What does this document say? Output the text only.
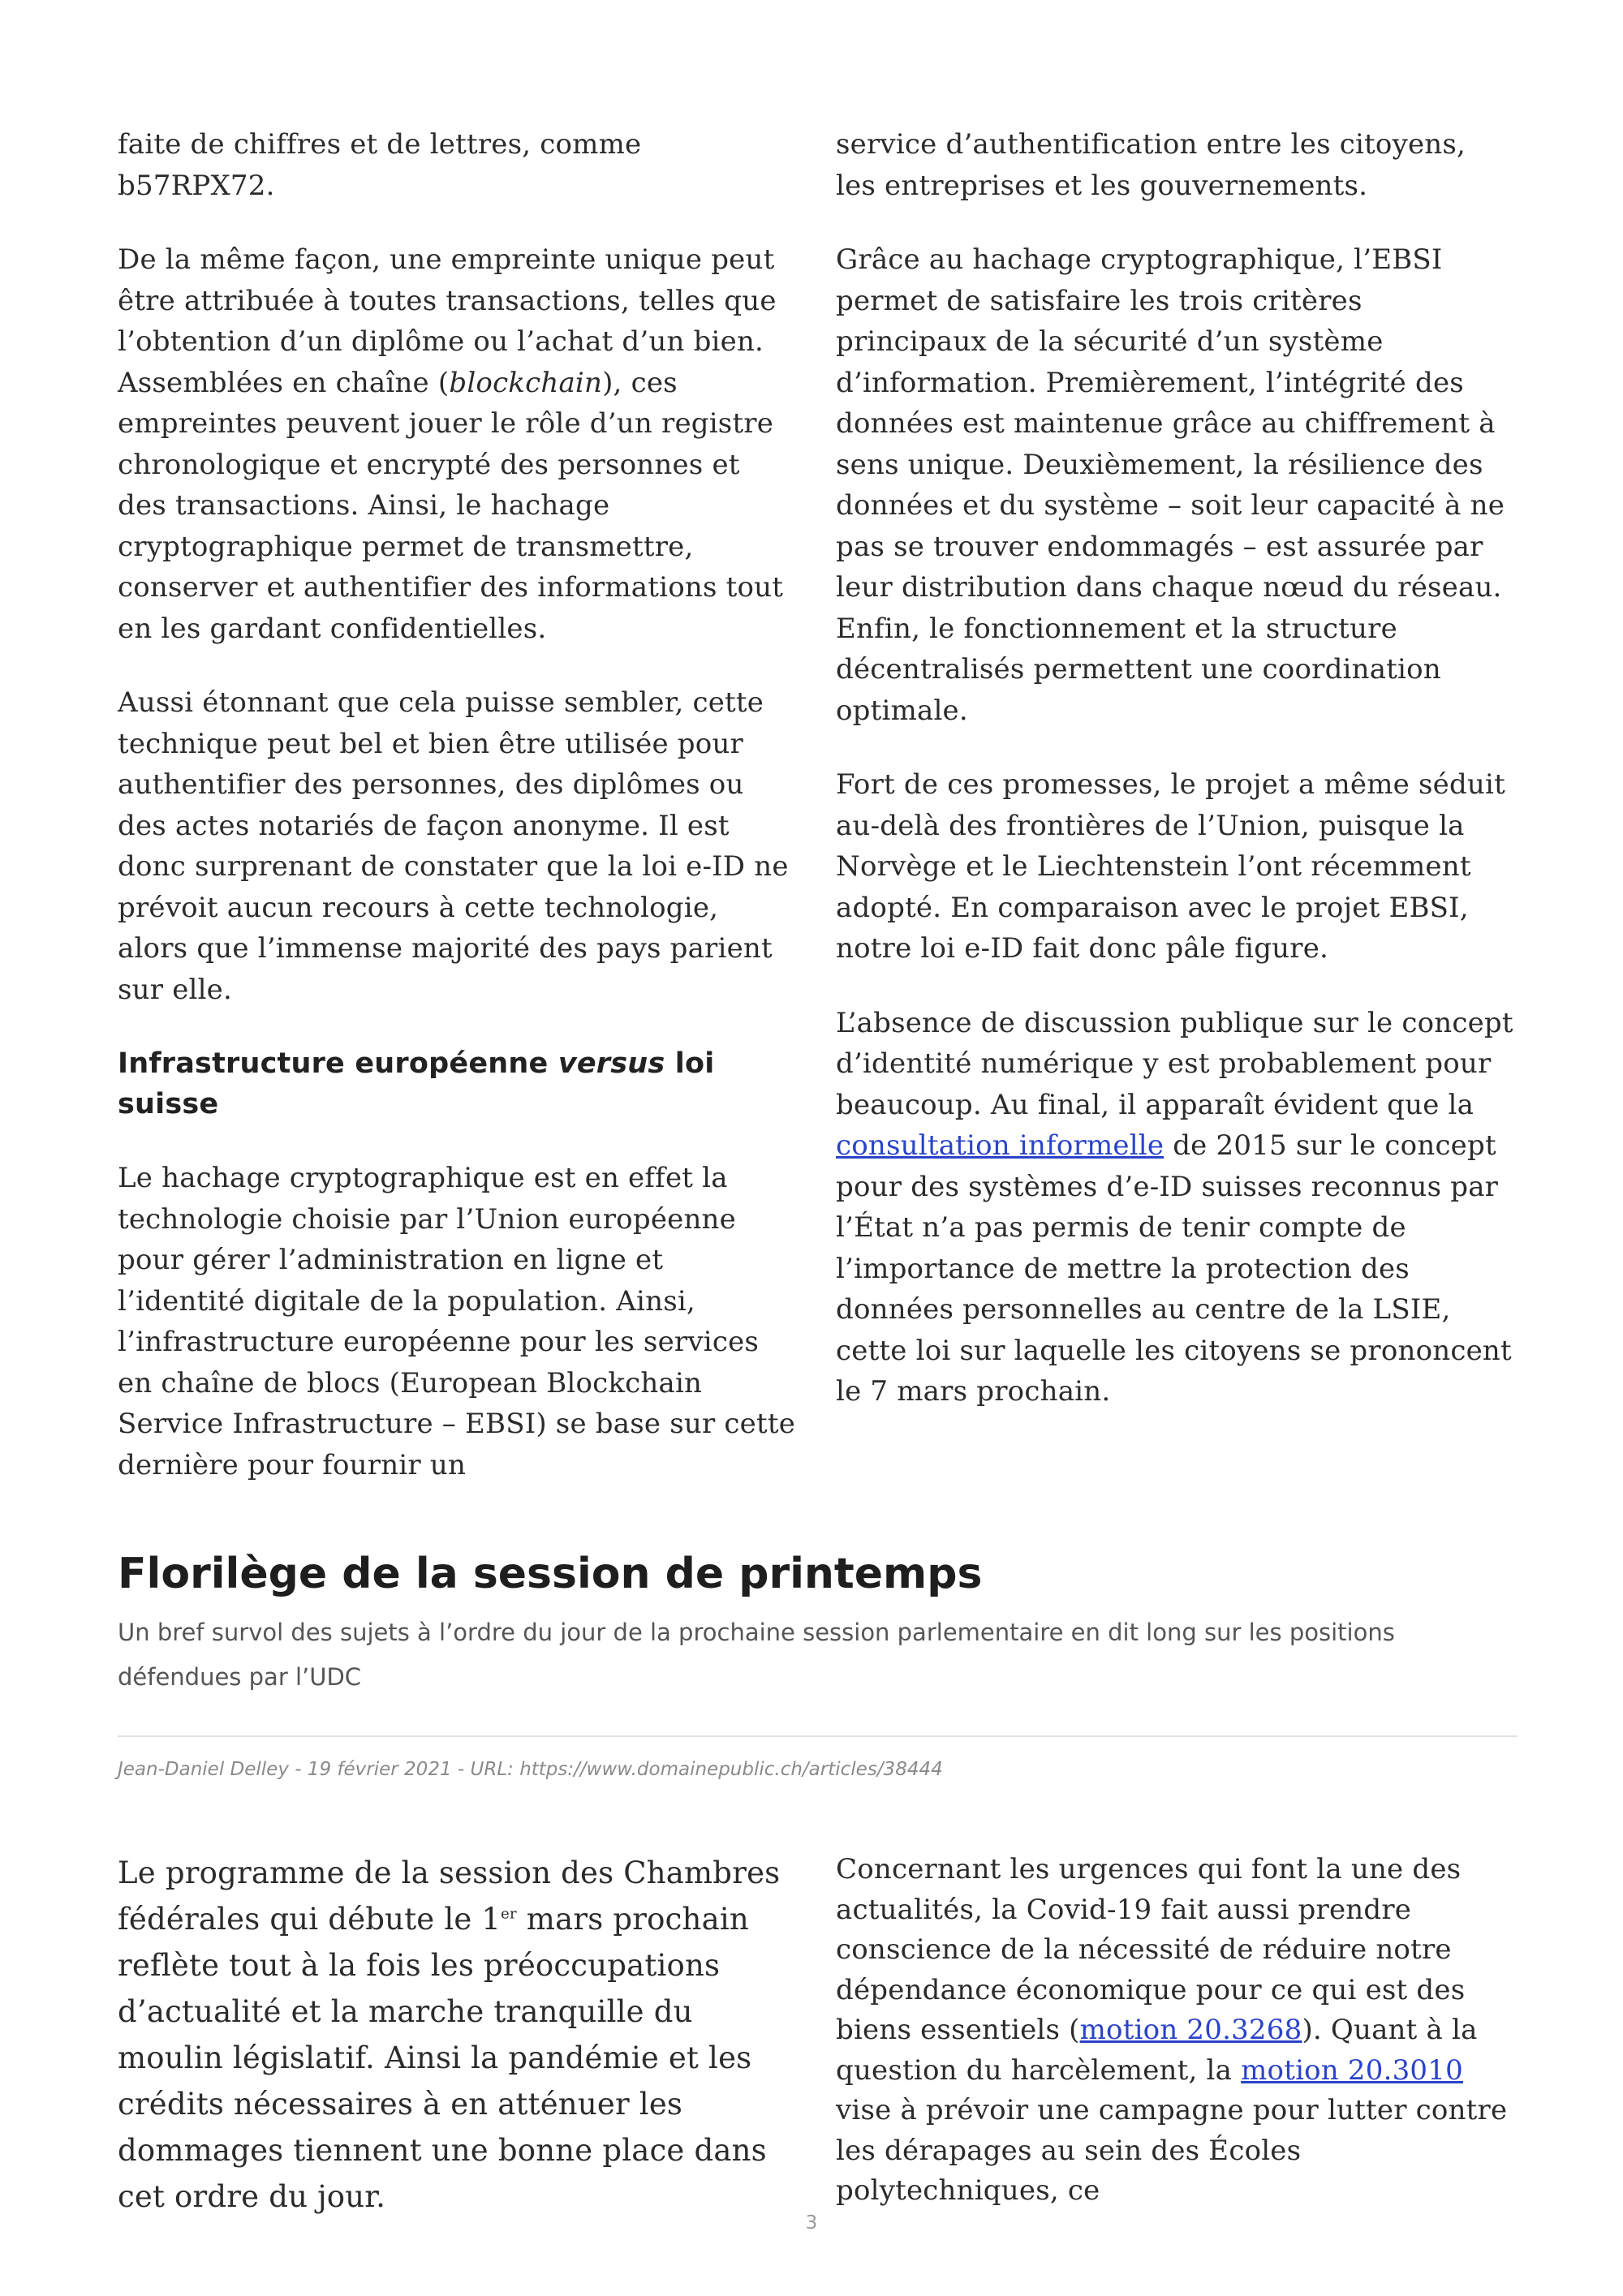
faite de chiffres et de lettres, comme b57RPX72.

De la même façon, une empreinte unique peut être attribuée à toutes transactions, telles que l’obtention d’un diplôme ou l’achat d’un bien. Assemblées en chaîne (blockchain), ces empreintes peuvent jouer le rôle d’un registre chronologique et encrypté des personnes et des transactions. Ainsi, le hachage cryptographique permet de transmettre, conserver et authentifier des informations tout en les gardant confidentielles.

Aussi étonnant que cela puisse sembler, cette technique peut bel et bien être utilisée pour authentifier des personnes, des diplômes ou des actes notariés de façon anonyme. Il est donc surprenant de constater que la loi e-ID ne prévoit aucun recours à cette technologie, alors que l’immense majorité des pays parient sur elle.

Infrastructure européenne versus loi suisse

Le hachage cryptographique est en effet la technologie choisie par l’Union européenne pour gérer l’administration en ligne et l’identité digitale de la population. Ainsi, l’infrastructure européenne pour les services en chaîne de blocs (European Blockchain Service Infrastructure – EBSI) se base sur cette dernière pour fournir un

service d’authentification entre les citoyens, les entreprises et les gouvernements.

Grâce au hachage cryptographique, l’EBSI permet de satisfaire les trois critères principaux de la sécurité d’un système d’information. Premièrement, l’intégrité des données est maintenue grâce au chiffrement à sens unique. Deuxièmement, la résilience des données et du système – soit leur capacité à ne pas se trouver endommagés – est assurée par leur distribution dans chaque nœud du réseau. Enfin, le fonctionnement et la structure décentralisés permettent une coordination optimale.

Fort de ces promesses, le projet a même séduit au-delà des frontières de l’Union, puisque la Norvège et le Liechtenstein l’ont récemment adopté. En comparaison avec le projet EBSI, notre loi e-ID fait donc pâle figure.

L’absence de discussion publique sur le concept d’identité numérique y est probablement pour beaucoup. Au final, il apparaît évident que la consultation informelle de 2015 sur le concept pour des systèmes d’e-ID suisses reconnus par l’État n’a pas permis de tenir compte de l’importance de mettre la protection des données personnelles au centre de la LSIE, cette loi sur laquelle les citoyens se prononcent le 7 mars prochain.

Florilège de la session de printemps

Un bref survol des sujets à l’ordre du jour de la prochaine session parlementaire en dit long sur les positions défendues par l’UDC

Jean-Daniel Delley - 19 février 2021 - URL: https://www.domainepublic.ch/articles/38444

Le programme de la session des Chambres fédérales qui débute le 1er mars prochain reflète tout à la fois les préoccupations d’actualité et la marche tranquille du moulin législatif. Ainsi la pandémie et les crédits nécessaires à en atténuer les dommages tiennent une bonne place dans cet ordre du jour.

Concernant les urgences qui font la une des actualités, la Covid-19 fait aussi prendre conscience de la nécessité de réduire notre dépendance économique pour ce qui est des biens essentiels (motion 20.3268). Quant à la question du harcèlement, la motion 20.3010 vise à prévoir une campagne pour lutter contre les dérapages au sein des Écoles polytechniques, ce

3
